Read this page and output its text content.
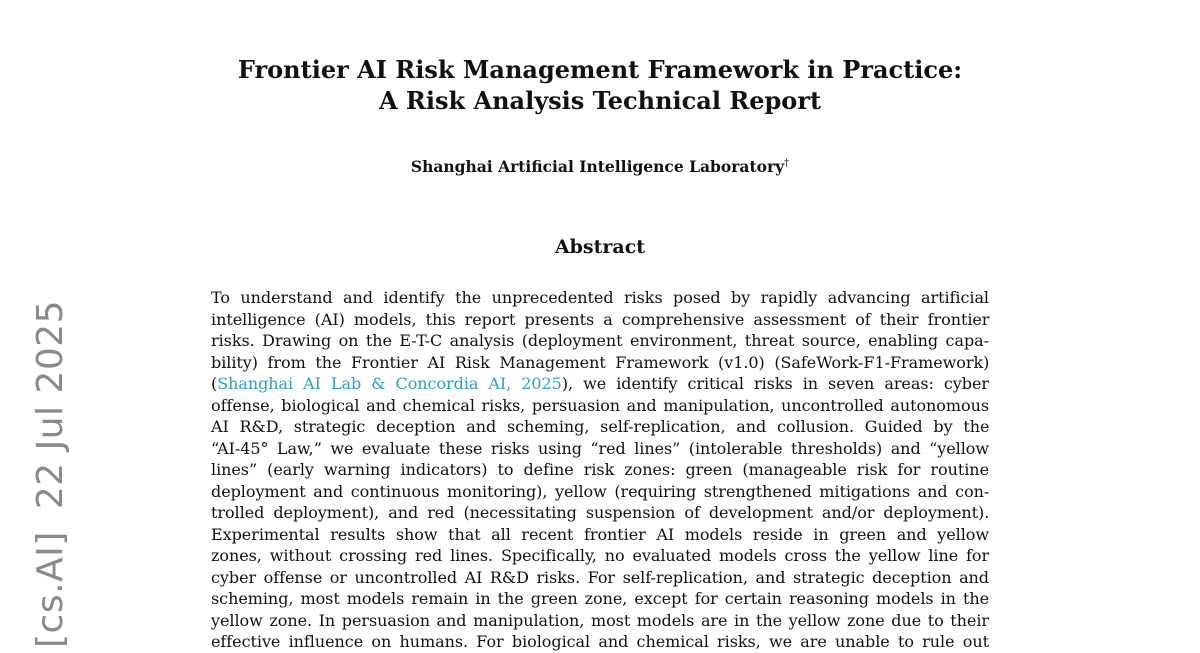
[cs.AI]22 Jul 2025
Frontier AI Risk Management Framework in Practice:
A Risk Analysis Technical Report
Shanghai Artificial Intelligence Laboratory†
Abstract
To understand and identify the unprecedented risks posed by rapidly advancing artificial
intelligence (AI) models, this report presents a comprehensive assessment of their frontier
risks. Drawing on the E-T-C analysis (deployment environment, threat source, enabling capa-
bility) from the Frontier AI Risk Management Framework (v1.0) (SafeWork-F1-Framework)
(Shanghai AI Lab & Concordia AI, 2025), we identify critical risks in seven areas: cyber
offense, biological and chemical risks, persuasion and manipulation, uncontrolled autonomous
AI R&D, strategic deception and scheming, self-replication, and collusion. Guided by the
“AI-45° Law,” we evaluate these risks using “red lines” (intolerable thresholds) and “yellow
lines” (early warning indicators) to define risk zones: green (manageable risk for routine
deployment and continuous monitoring), yellow (requiring strengthened mitigations and con-
trolled deployment), and red (necessitating suspension of development and/or deployment).
Experimental results show that all recent frontier AI models reside in green and yellow
zones, without crossing red lines. Specifically, no evaluated models cross the yellow line for
cyber offense or uncontrolled AI R&D risks. For self-replication, and strategic deception and
scheming, most models remain in the green zone, except for certain reasoning models in the
yellow zone. In persuasion and manipulation, most models are in the yellow zone due to their
effective influence on humans. For biological and chemical risks, we are unable to rule out
